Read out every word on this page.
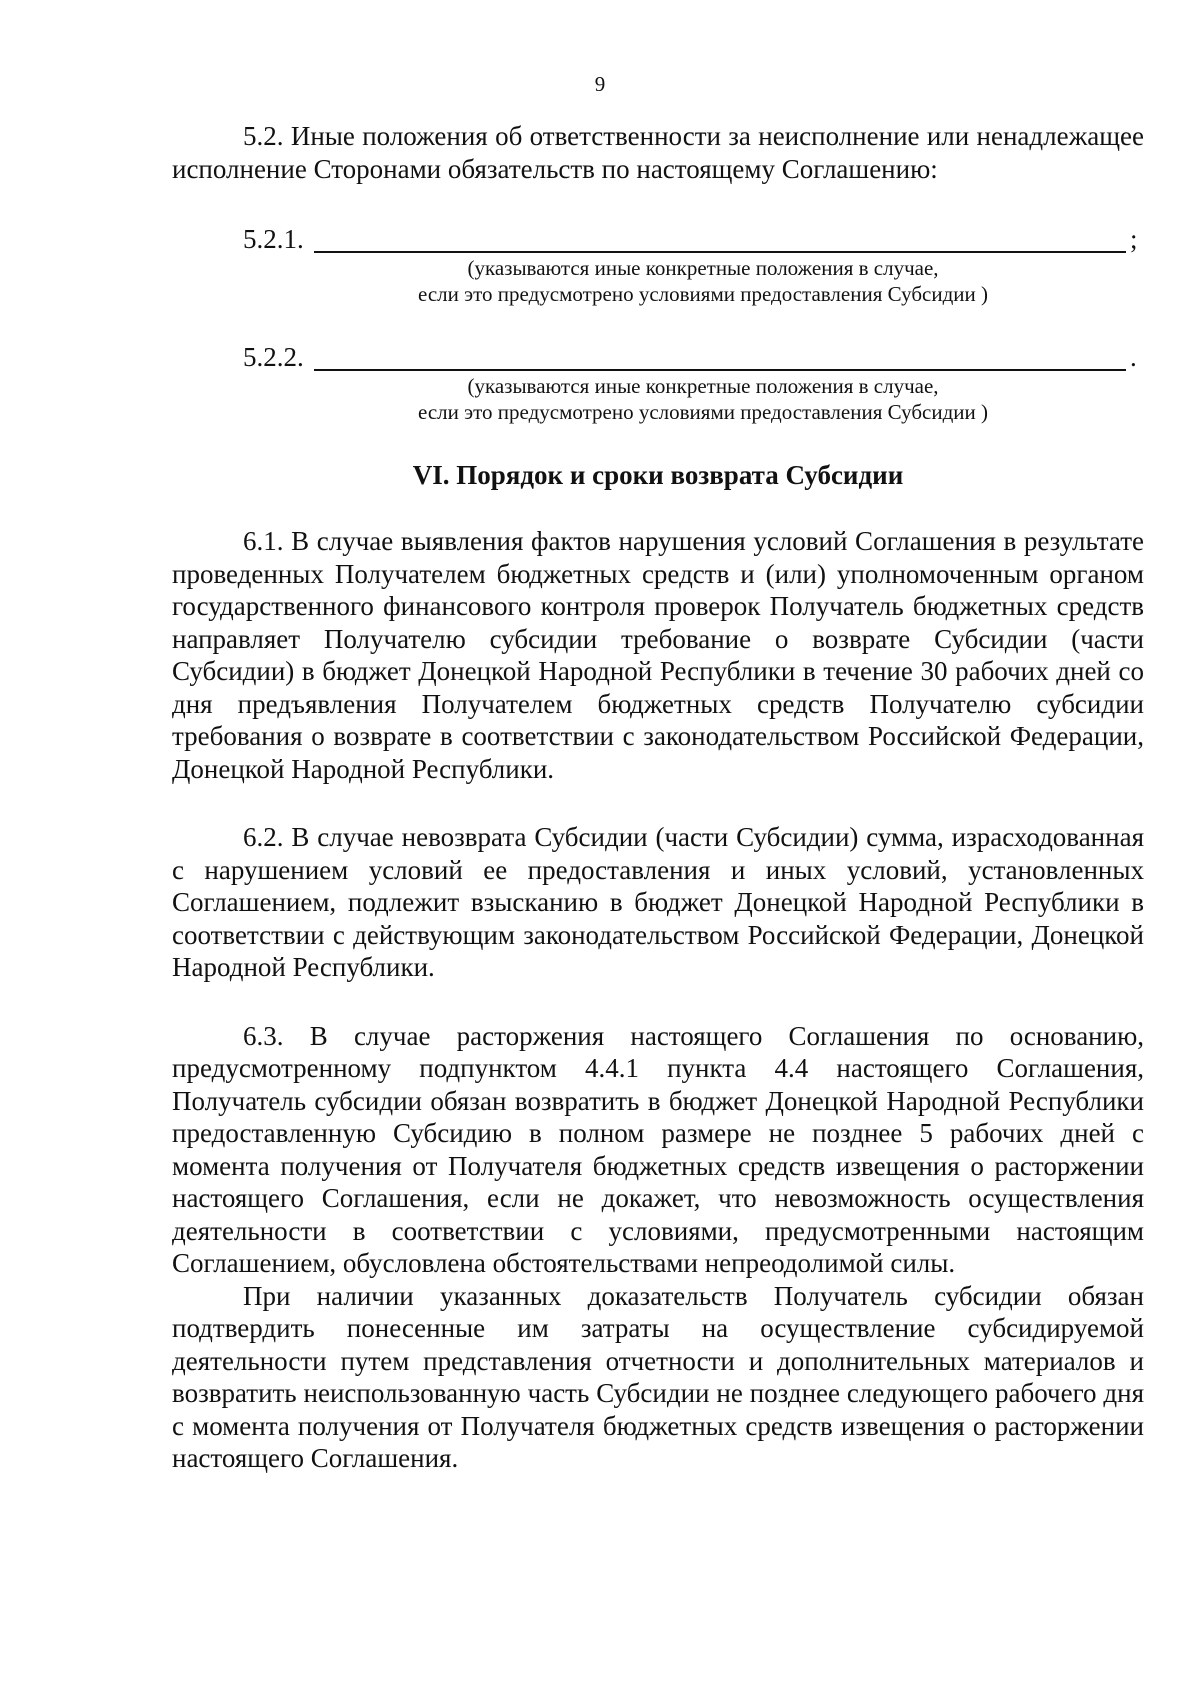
9

5.2. Иные положения об ответственности за неисполнение или ненадлежащее исполнение Сторонами обязательств по настоящему Соглашению:

5.2.1.	;
(указываются иные конкретные положения в случае,
если это предусмотрено условиями предоставления Субсидии )
5.2.2.	.
(указываются иные конкретные положения в случае,
если это предусмотрено условиями предоставления Субсидии )
VI. Порядок и сроки возврата Субсидии

6.1. В случае выявления фактов нарушения условий Соглашения в результате проведенных Получателем бюджетных средств и (или) уполномоченным органом государственного финансового контроля проверок Получатель бюджетных средств направляет Получателю субсидии требование о возврате Субсидии (части Субсидии) в бюджет Донецкой Народной Республики в течение 30 рабочих дней со дня предъявления Получателем бюджетных средств Получателю субсидии требования о возврате в соответствии с законодательством Российской Федерации, Донецкой Народной Республики.

6.2. В случае невозврата Субсидии (части Субсидии) сумма, израсходованная с нарушением условий ее предоставления и иных условий, установленных Соглашением, подлежит взысканию в бюджет Донецкой Народной Республики в соответствии с действующим законодательством Российской Федерации, Донецкой Народной Республики.

6.3. В случае расторжения настоящего Соглашения по основанию, предусмотренному подпунктом 4.4.1 пункта 4.4 настоящего Соглашения, Получатель субсидии обязан возвратить в бюджет Донецкой Народной Республики предоставленную Субсидию в полном размере не позднее 5 рабочих дней с момента получения от Получателя бюджетных средств извещения о расторжении настоящего Соглашения, если не докажет, что невозможность осуществления деятельности в соответствии с условиями, предусмотренными настоящим Соглашением, обусловлена обстоятельствами непреодолимой силы.

При наличии указанных доказательств Получатель субсидии обязан подтвердить понесенные им затраты на осуществление субсидируемой деятельности путем представления отчетности и дополнительных материалов и возвратить неиспользованную часть Субсидии не позднее следующего рабочего дня с момента получения от Получателя бюджетных средств извещения о расторжении настоящего Соглашения.
